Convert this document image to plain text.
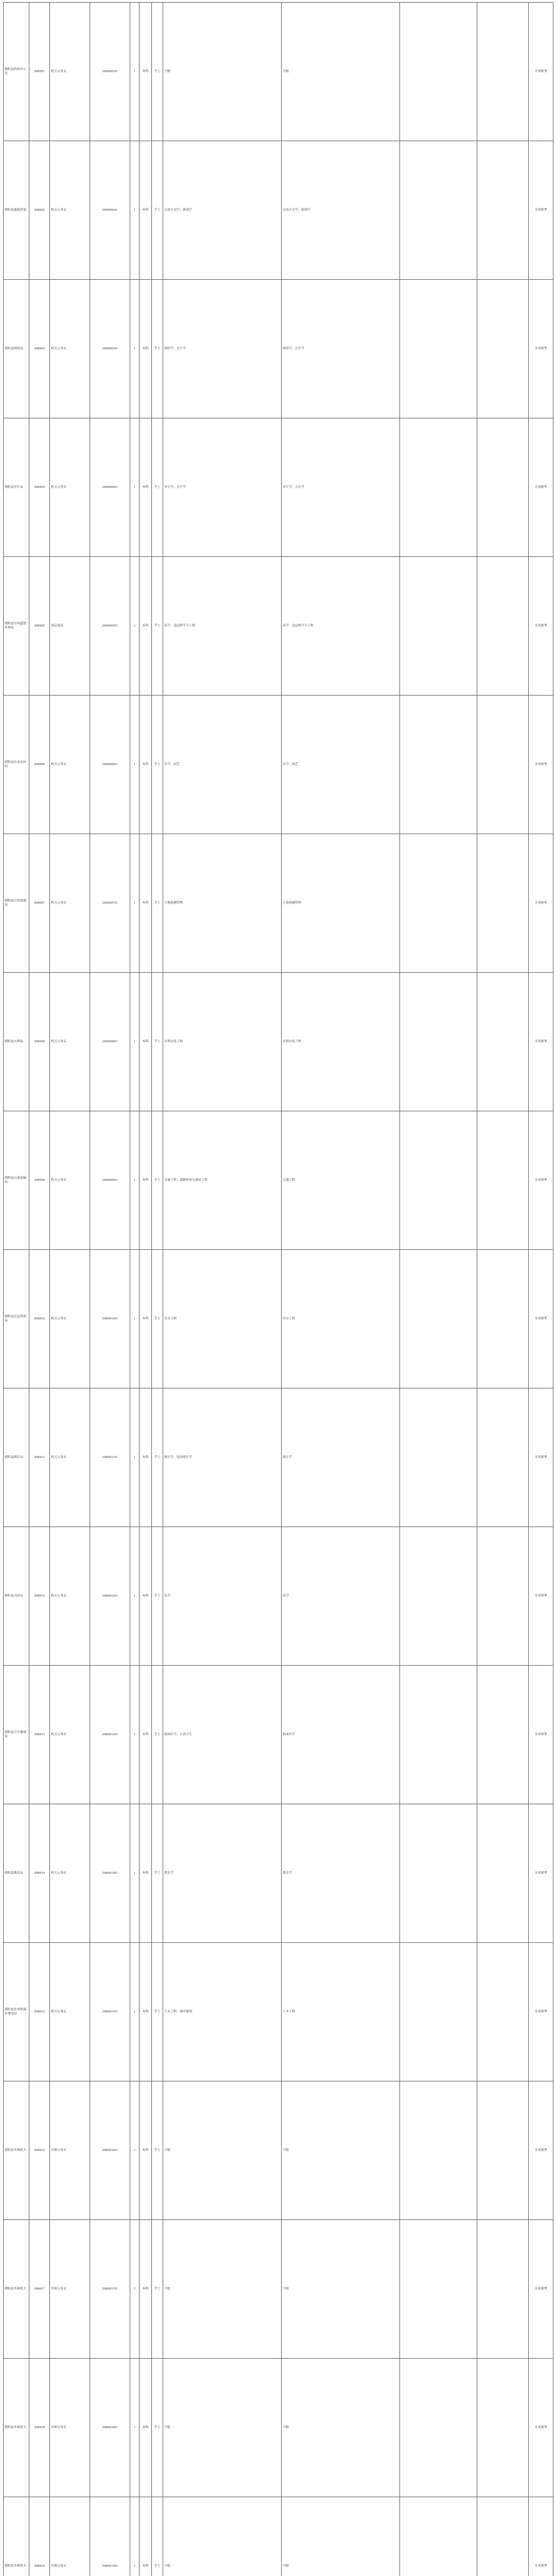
朝阳县政府办公室	2080001	机关公务员	2080000101	1	本科	学士	不限	不限			全省统考
朝阳县委组织部	2080002	机关公务员	2080000201	1	本科	学士	汉语言文学、新闻学	汉语言文学、新闻学			全省统考
朝阳县财政局	2080003	机关公务员	2080000301	1	本科	学士	财政学、会计学	财政学、会计学			全省统考
朝阳县审计局	2080004	机关公务员	2080000401	1	本科	学士	审计学、会计学	审计学、会计学			全省统考
朝阳县市场监督管理局	2080005	基层执法	2080000501	2	本科	学士	法学、食品科学与工程	法学、食品科学与工程			全省统考
朝阳县农业农村局	2080006	机关公务员	2080000601	1	本科	学士	农学、园艺	农学、园艺			全省统考
朝阳县自然资源局	2080007	机关公务员	2080000701	1	本科	学士	土地资源管理	土地资源管理			全省统考
朝阳县水利局	2080008	机关公务员	2080000801	1	本科	学士	水利水电工程	水利水电工程			全省统考
朝阳县交通运输局	2080009	机关公务员	2080000901	1	本科	学士	交通工程、道路桥梁与渡河工程	交通工程			全省统考
朝阳县应急管理局	2080010	机关公务员	2080001001	1	本科	学士	安全工程	安全工程			全省统考
朝阳县统计局	2080011	机关公务员	2080001101	1	本科	学士	统计学、经济统计学	统计学			全省统考
朝阳县司法局	2080012	机关公务员	2080001201	1	本科	学士	法学	法学			全省统考
朝阳县卫生健康局	2080013	机关公务员	2080001301	1	本科	学士	临床医学、公共卫生	临床医学			全省统考
朝阳县教育局	2080014	机关公务员	2080001401	1	本科	学士	教育学	教育学			全省统考
朝阳县住房和城乡建设局	2080015	机关公务员	2080001501	1	本科	学士	土木工程、城乡规划	土木工程			全省统考
朝阳县乡镇机关	2080016	乡镇公务员	2080001601	2	本科	学士	不限	不限			全省统考
朝阳县乡镇机关	2080017	乡镇公务员	2080001701	2	本科	学士	不限	不限			全省统考
朝阳县乡镇机关	2080018	乡镇公务员	2080001801	1	本科	学士	不限	不限			全省统考
朝阳县乡镇机关	2080019	乡镇公务员	2080001901	1	本科	学士	不限	不限			全省统考
